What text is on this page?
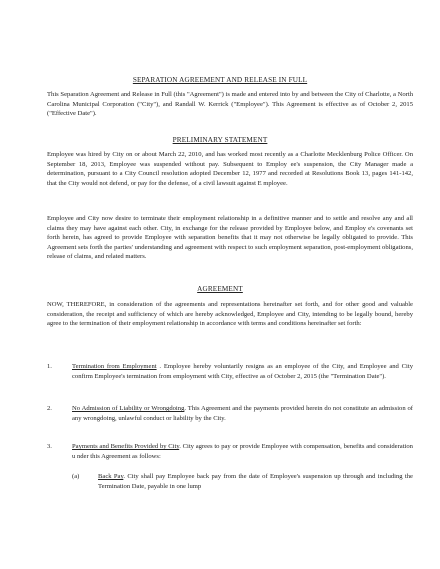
SEPARATION AGREEMENT AND RELEASE IN FULL
This Separation Agreement and Release in Full (this "Agreement") is made and entered into by and between the City of Charlotte, a North Carolina Municipal Corporation ("City"), and Randall W. Kerrick ("Employee"). This Agreement is effective as of October 2, 2015 ("Effective Date").
PRELIMINARY STATEMENT
Employee was hired by City on or about March 22, 2010, and has worked most recently as a Charlotte Mecklenburg Police Officer. On September 18, 2013, Employee was suspended without pay. Subsequent to Employ ee's suspension, the City Manager made a determination, pursuant to a City Council resolution adopted December 12, 1977 and recorded at Resolutions Book 13, pages 141-142, that the City would not defend, or pay for the defense, of a civil lawsuit against E mployee.
Employee and City now desire to terminate their employment relationship in a definitive manner and to settle and resolve any and all claims they may have against each other. City, in exchange for the release provided by Employee below, and Employ e's covenants set forth herein, has agreed to provide Employee with separation benefits that it may not otherwise be legally obligated to provide. This Agreement sets forth the parties' understanding and agreement with respect to such employment separation, post-employment obligations, release of claims, and related matters.
AGREEMENT
NOW, THEREFORE, in consideration of the agreements and representations hereinafter set forth, and for other good and valuable consideration, the receipt and sufficiency of which are hereby acknowledged, Employee and City, intending to be legally bound, hereby agree to the termination of their employment relationship in accordance with terms and conditions hereinafter set forth:
1.	Termination from Employment . Employee hereby voluntarily resigns as an employee of the City, and Employee and City confirm Employee's termination from employment with City, effective as of October 2, 2015 (the "Termination Date").
2.	No Admission of Liability or Wrongdoing. This Agreement and the payments provided herein do not constitute an admission of any wrongdoing, unlawful conduct or liability by the City.
3.	Payments and Benefits Provided by City. City agrees to pay or provide Employee with compensation, benefits and consideration u nder this Agreement as follows:
(a)	Back Pay. City shall pay Employee back pay from the date of Employee's suspension up through and including the Termination Date, payable in one lump
